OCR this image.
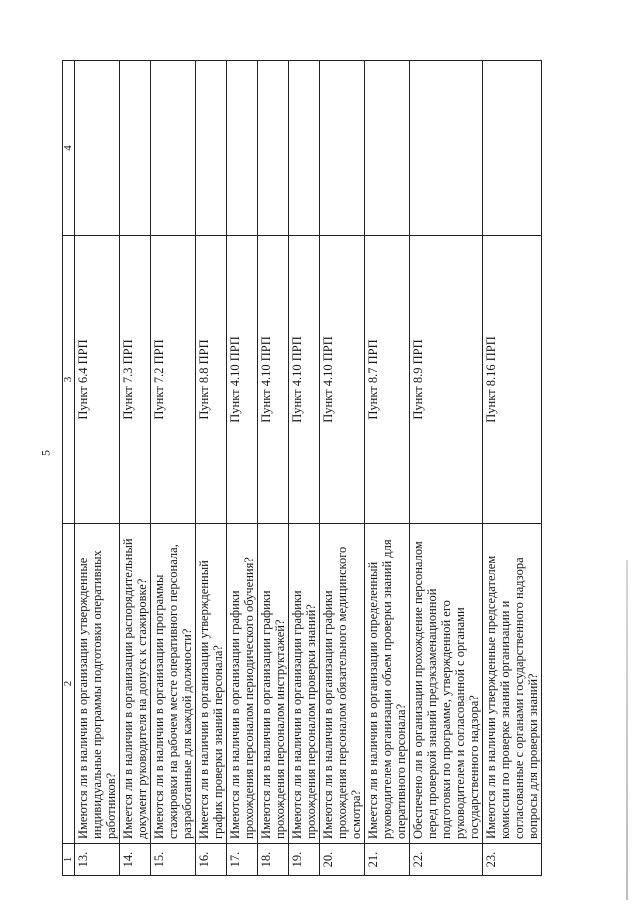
5
1	2	3	4
13.	Имеются ли в наличии в организации утвержденные индивидуальные программы подготовки оперативных работников?	Пункт 6.4 ПРП	
14.	Имеется ли в наличии в организации распорядительный документ руководителя на допуск к стажировке?	Пункт 7.3 ПРП	
15.	Имеются ли в наличии в организации программы стажировки на рабочем месте оперативного персонала, разработанные для каждой должности?	Пункт 7.2 ПРП	
16.	Имеется ли в наличии в организации утвержденный график проверки знаний персонала?	Пункт 8.8 ПРП	
17.	Имеются ли в наличии в организации графики прохождения персоналом периодического обучения?	Пункт 4.10 ПРП	
18.	Имеются ли в наличии в организации графики прохождения персоналом инструктажей?	Пункт 4.10 ПРП	
19.	Имеются ли в наличии в организации графики прохождения персоналом проверки знаний?	Пункт 4.10 ПРП	
20.	Имеются ли в наличии в организации графики прохождения персоналом обязательного медицинского осмотра?	Пункт 4.10 ПРП	
21.	Имеется ли в наличии в организации определенный руководителем организации объем проверки знаний для оперативного персонала?	Пункт 8.7 ПРП	
22.	Обеспечено ли в организации прохождение персоналом перед проверкой знаний предэкзаменационной подготовки по программе, утвержденной его руководителем и согласованной с органами государственного надзора?	Пункт 8.9 ПРП	
23.	Имеются ли в наличии утвержденные председателем комиссии по проверке знаний организации и согласованные с органами государственного надзора вопросы для проверки знаний?	Пункт 8.16 ПРП	
